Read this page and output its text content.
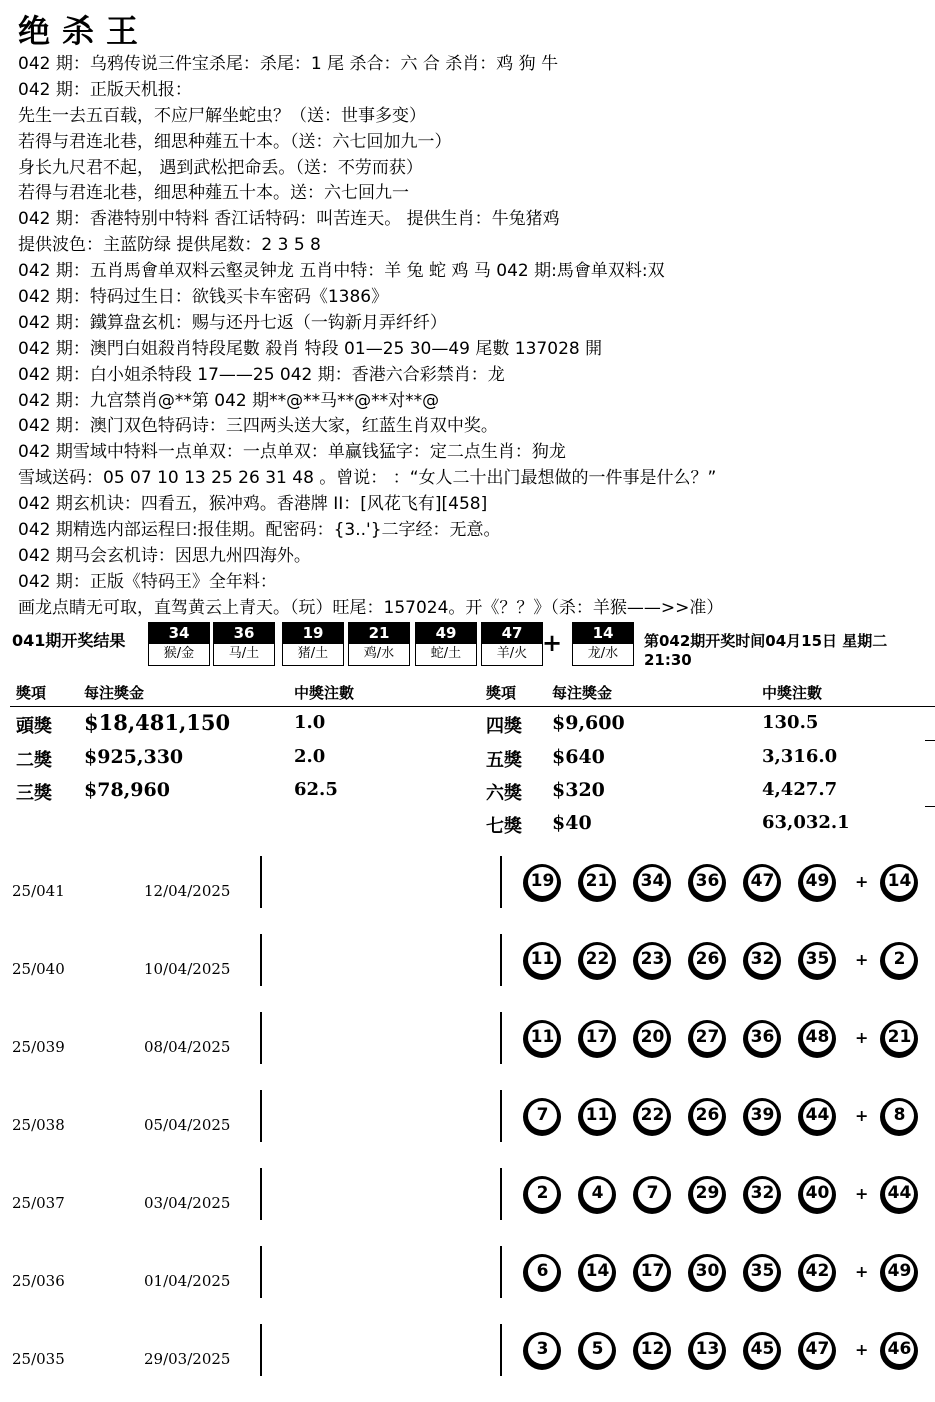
绝杀王
042 期：乌鸦传说三件宝杀尾：杀尾：1 尾 杀合：六 合 杀肖：鸡 狗 牛
042 期：正版天机报：
先生一去五百载，不应尸解坐蛇虫？（送：世事多变）
若得与君连北巷，细思种薤五十本。（送：六七回加九一）
身长九尺君不起， 遇到武松把命丢。（送：不劳而获）
若得与君连北巷，细思种薤五十本。送：六七回九一
042 期：香港特别中特料 香江话特码：叫苦连天。 提供生肖：牛兔猪鸡
提供波色：主蓝防绿 提供尾数：2 3 5 8
042 期：五肖馬會单双料云壑灵钟龙 五肖中特：羊 兔 蛇 鸡 马 042 期:馬會单双料:双
042 期：特码过生日：欲钱买卡车密码《1386》
042 期：鐵算盘玄机：赐与还丹七返（一钩新月弄纤纤）
042 期：澳門白姐殺肖特段尾數 殺肖 特段 01—25 30—49 尾數 137028 開
042 期：白小姐杀特段 17——25 042 期：香港六合彩禁肖：龙
042 期：九宫禁肖@**第 042 期**@**马**@**对**@
042 期：澳门双色特码诗：三四两头送大家，红蓝生肖双中奖。
042 期雪域中特料一点单双：一点单双：单赢钱猛字：定二点生肖：狗龙
雪域送码：05 07 10 13 25 26 31 48 。曾说： ：“女人二十出门最想做的一件事是什么？”
042 期玄机诀：四看五，猴冲鸡。香港牌 II：[风花飞有][458]
042 期精选内部运程曰:报佳期。配密码：{3..'}二字经：无意。
042 期马会玄机诗：因思九州四海外。
042 期：正版《特码王》全年料：
画龙点睛无可取，直驾黄云上青天。（玩）旺尾：157024。开《？？》（杀：羊猴——>>准）
041期开奖结果	+	第042期开奖时间04月15日 星期二21:30
34
猴/金
36
马/土
19
猪/土
21
鸡/水
49
蛇/土
47
羊/火
14
龙/水
獎項	每注獎金	中獎注數	獎項 每注獎金	中獎注數
頭獎 $18,481,150	1.0
二獎 $925,330	2.0
三獎 $78,960	62.5
四獎 $9,600	130.5
五獎 $640	3,316.0
六獎 $320	4,427.7
七獎 $40	63,032.1
25/041	12/04/2025	19 21 34 36 47 49 + 14
25/040	10/04/2025	11 22 23 26 32 35 +	2
25/039	08/04/2025	11 17 20 27 36 48 + 21
25/038	05/04/2025	7	11 22 26 39 44 +	8
25/037	03/04/2025	2	4	7	29 32 40 + 44
25/036	01/04/2025	6	14 17 30 35 42 + 49
25/035	29/03/2025	3	5	12 13 45 47 + 46
